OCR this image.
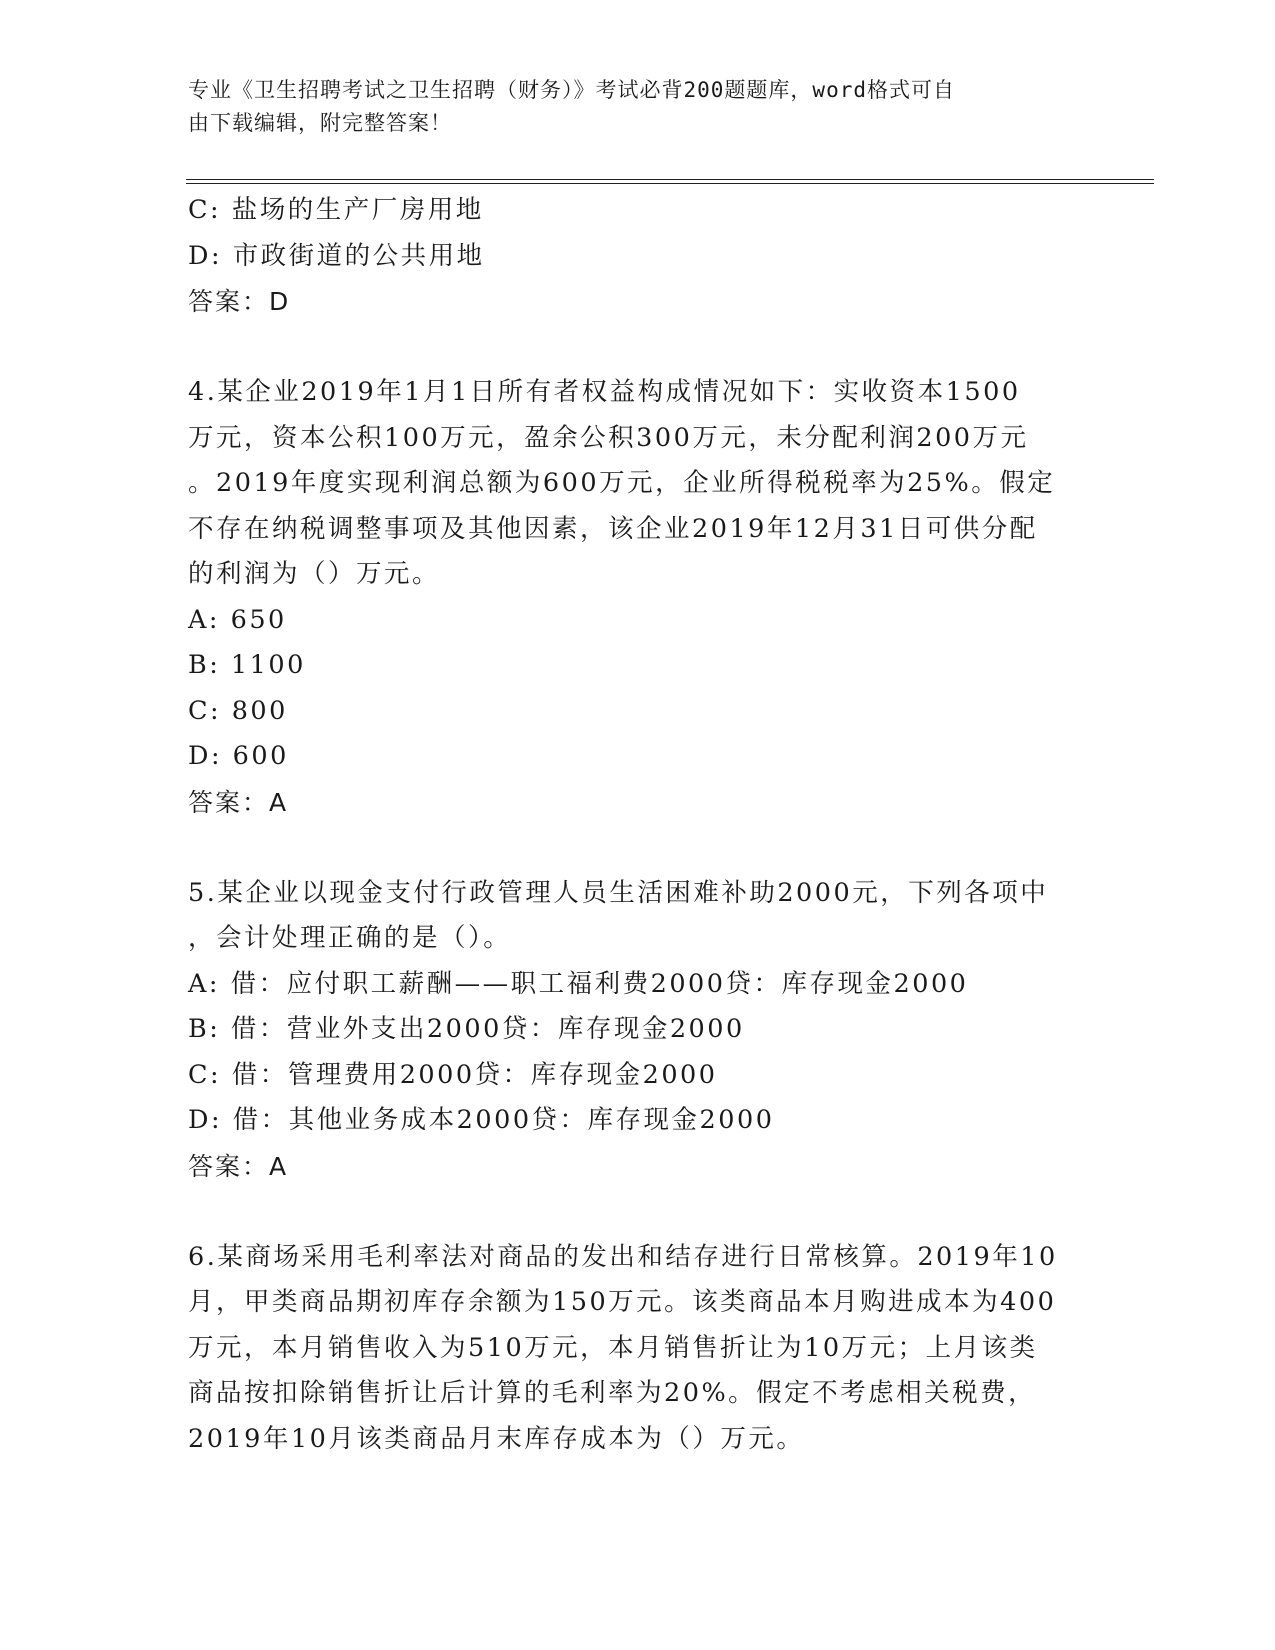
专业《卫生招聘考试之卫生招聘（财务）》考试必背200题题库，word格式可自
由下载编辑，附完整答案！
C: 盐场的生产厂房用地
D: 市政街道的公共用地
答案：D
4.某企业2019年1月1日所有者权益构成情况如下：实收资本1500
万元，资本公积100万元，盈余公积300万元，未分配利润200万元
。2019年度实现利润总额为600万元，企业所得税税率为25%。假定
不存在纳税调整事项及其他因素，该企业2019年12月31日可供分配
的利润为（）万元。
A: 650
B: 1100
C: 800
D: 600
答案：A
5.某企业以现金支付行政管理人员生活困难补助2000元，下列各项中
，会计处理正确的是（）。
A: 借：应付职工薪酬——职工福利费2000贷：库存现金2000
B: 借：营业外支出2000贷：库存现金2000
C: 借：管理费用2000贷：库存现金2000
D: 借：其他业务成本2000贷：库存现金2000
答案：A
6.某商场采用毛利率法对商品的发出和结存进行日常核算。2019年10
月，甲类商品期初库存余额为150万元。该类商品本月购进成本为400
万元，本月销售收入为510万元，本月销售折让为10万元；上月该类
商品按扣除销售折让后计算的毛利率为20%。假定不考虑相关税费，
2019年10月该类商品月末库存成本为（）万元。
